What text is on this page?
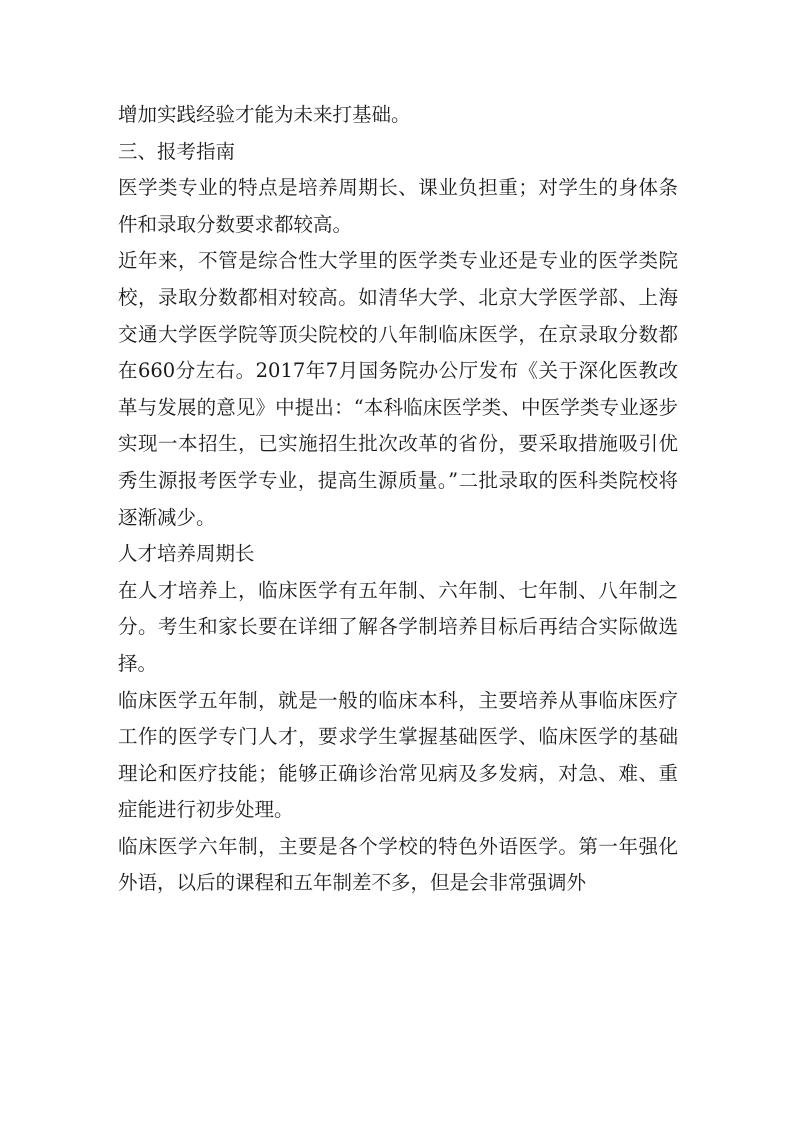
增加实践经验才能为未来打基础。

三、报考指南

医学类专业的特点是培养周期长、课业负担重；对学生的身体条件和录取分数要求都较高。

近年来，不管是综合性大学里的医学类专业还是专业的医学类院校，录取分数都相对较高。如清华大学、北京大学医学部、上海交通大学医学院等顶尖院校的八年制临床医学，在京录取分数都在660分左右。2017年7月国务院办公厅发布《关于深化医教改革与发展的意见》中提出：“本科临床医学类、中医学类专业逐步实现一本招生，已实施招生批次改革的省份，要采取措施吸引优秀生源报考医学专业，提高生源质量。”二批录取的医科类院校将逐渐减少。

人才培养周期长

在人才培养上，临床医学有五年制、六年制、七年制、八年制之分。考生和家长要在详细了解各学制培养目标后再结合实际做选择。

临床医学五年制，就是一般的临床本科，主要培养从事临床医疗工作的医学专门人才，要求学生掌握基础医学、临床医学的基础理论和医疗技能；能够正确诊治常见病及多发病，对急、难、重症能进行初步处理。

临床医学六年制，主要是各个学校的特色外语医学。第一年强化外语，以后的课程和五年制差不多，但是会非常强调外
